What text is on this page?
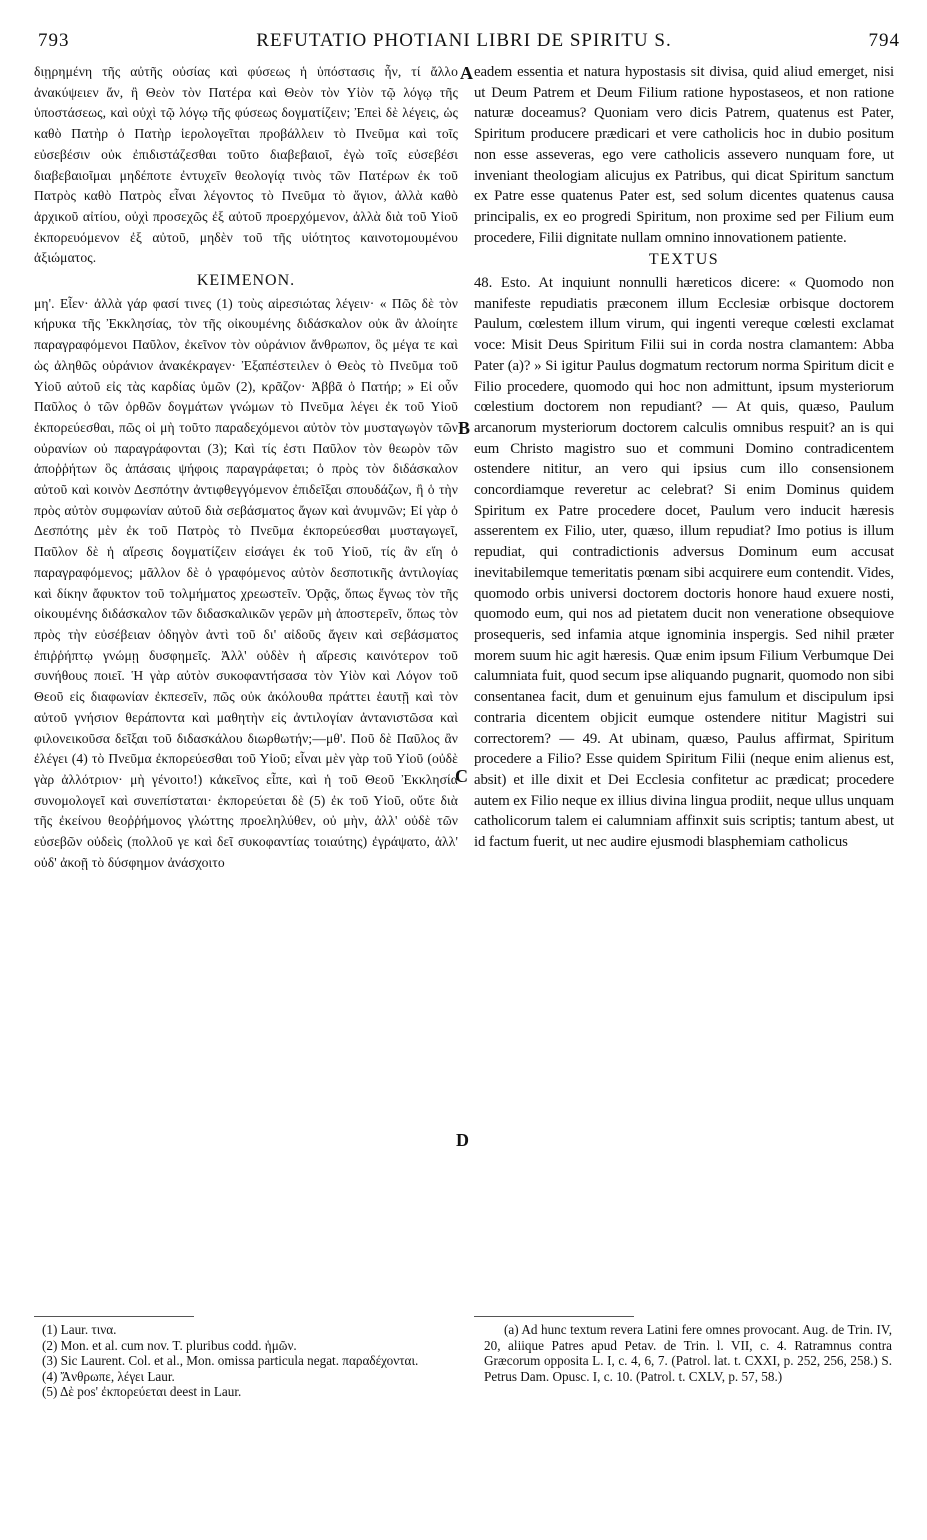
793	REFUTATIO PHOTIANI LIBRI DE SPIRITU S.	794
A
B
C
D

διῃρημένη τῆς αὐτῆς οὐσίας καὶ φύσεως ἡ ὑπόστασις ἦν, τί ἄλλο ἀνακύψειεν ἄν, ἢ Θεὸν τὸν Πατέρα καὶ Θεὸν τὸν Υἱὸν τῷ λόγῳ τῆς ὑποστάσεως, καὶ οὐχὶ τῷ λόγῳ τῆς φύσεως δογματίζειν; Ἐπεὶ δὲ λέγεις, ὡς καθὸ Πατὴρ ὁ Πατὴρ ἱερολογεῖται προβάλλειν τὸ Πνεῦμα καὶ τοῖς εὐσεβέσιν οὐκ ἐπιδιστάζεσθαι τοῦτο διαβεβαιοῖ, ἐγὼ τοῖς εὐσεβέσι διαβεβαιοῖμαι μηδέποτε ἐντυχεῖν θεολογίᾳ τινὸς τῶν Πατέρων ἐκ τοῦ Πατρὸς καθὸ Πατρὸς εἶναι λέγοντος τὸ Πνεῦμα τὸ ἅγιον, ἀλλὰ καθὸ ἀρχικοῦ αἰτίου, οὐχὶ προσεχῶς ἐξ αὐτοῦ προερχόμενον, ἀλλὰ διὰ τοῦ Υἱοῦ ἐκπορευόμενον ἐξ αὐτοῦ, μηδὲν τοῦ τῆς υἱότητος καινοτομουμένου ἀξιώματος.

ΚΕΙΜΕΝΟΝ.

μη'. Εἶεν· ἀλλὰ γάρ φασί τινες (1) τοὺς αἱρεσιώτας λέγειν· « Πῶς δὲ τὸν κήρυκα τῆς Ἐκκλησίας, τὸν τῆς οἰκουμένης διδάσκαλον οὐκ ἂν ἁλοίητε παραγραφόμενοι Παῦλον, ἐκεῖνον τὸν οὐράνιον ἄνθρωπον, ὃς μέγα τε καὶ ὡς ἀληθῶς οὐράνιον ἀνακέκραγεν· Ἐξαπέστειλεν ὁ Θεὸς τὸ Πνεῦμα τοῦ Υἱοῦ αὐτοῦ εἰς τὰς καρδίας ὑμῶν (2), κρᾶζον· Ἀββᾶ ὁ Πατήρ; » Εἰ οὖν Παῦλος ὁ τῶν ὀρθῶν δογμάτων γνώμων τὸ Πνεῦμα λέγει ἐκ τοῦ Υἱοῦ ἐκπορεύεσθαι, πῶς οἱ μὴ τοῦτο παραδεχόμενοι αὐτὸν τὸν μυσταγωγὸν τῶν οὐρανίων οὐ παραγράφονται (3); Καὶ τίς ἐστι Παῦλον τὸν θεωρὸν τῶν ἀποῤῥήτων ὃς ἁπάσαις ψήφοις παραγράφεται; ὁ πρὸς τὸν διδάσκαλον αὐτοῦ καὶ κοινὸν Δεσπότην ἀντιφθεγγόμενον ἐπιδεῖξαι σπουδάζων, ἢ ὁ τὴν πρὸς αὐτὸν συμφωνίαν αὐτοῦ διὰ σεβάσματος ἄγων καὶ ἀνυμνῶν; Εἰ γὰρ ὁ Δεσπότης μὲν ἐκ τοῦ Πατρὸς τὸ Πνεῦμα ἐκπορεύεσθαι μυσταγωγεῖ, Παῦλον δὲ ἡ αἵρεσις δογματίζειν εἰσάγει ἐκ τοῦ Υἱοῦ, τίς ἂν εἴη ὁ παραγραφόμενος; μᾶλλον δὲ ὁ γραφόμενος αὐτὸν δεσποτικῆς ἀντιλογίας καὶ δίκην ἄφυκτον τοῦ τολμήματος χρεωστεῖν. Ὁρᾷς, ὅπως ἔγνως τὸν τῆς οἰκουμένης διδάσκαλον τῶν διδασκαλικῶν γερῶν μὴ ἀποστερεῖν, ὅπως τὸν πρὸς τὴν εὐσέβειαν ὁδηγὸν ἀντὶ τοῦ δι' αἰδοῦς ἄγειν καὶ σεβάσματος ἐπιῤῥήπτῳ γνώμῃ δυσφημεῖς. Ἀλλ' οὐδὲν ἡ αἵρεσις καινότερον τοῦ συνήθους ποιεῖ. Ἡ γὰρ αὐτὸν συκοφαντήσασα τὸν Υἱὸν καὶ Λόγον τοῦ Θεοῦ εἰς διαφωνίαν ἐκπεσεῖν, πῶς οὐκ ἀκόλουθα πράττει ἑαυτῇ καὶ τὸν αὐτοῦ γνήσιον θεράποντα καὶ μαθητὴν εἰς ἀντιλογίαν ἀντανιστῶσα καὶ φιλονεικοῦσα δεῖξαι τοῦ διδασκάλου διωρθωτήν;—μθ'. Ποῦ δὲ Παῦλος ἂν ἐλέγει (4) τὸ Πνεῦμα ἐκπορεύεσθαι τοῦ Υἱοῦ; εἶναι μὲν γὰρ τοῦ Υἱοῦ (οὐδὲ γὰρ ἀλλότριον· μὴ γένοιτο!) κἀκεῖνος εἶπε, καὶ ἡ τοῦ Θεοῦ Ἐκκλησία συνομολογεῖ καὶ συνεπίσταται· ἐκπορεύεται δὲ (5) ἐκ τοῦ Υἱοῦ, οὔτε διὰ τῆς ἐκείνου θεοῤῥήμονος γλώττης προεληλύθεν, οὐ μὴν, ἀλλ' οὐδὲ τῶν εὐσεβῶν οὐδεὶς (πολλοῦ γε καὶ δεῖ συκοφαντίας τοιαύτης) ἐγράψατο, ἀλλ' οὐδ' ἀκοῇ τὸ δύσφημον ἀνάσχοιτο

eadem essentia et natura hypostasis sit divisa, quid aliud emerget, nisi ut Deum Patrem et Deum Filium ratione hypostaseos, et non ratione naturæ doceamus? Quoniam vero dicis Patrem, quatenus est Pater, Spiritum producere prædicari et vere catholicis hoc in dubio positum non esse asseveras, ego vere catholicis assevero nunquam fore, ut inveniant theologiam alicujus ex Patribus, qui dicat Spiritum sanctum ex Patre esse quatenus Pater est, sed solum dicentes quatenus causa principalis, ex eo progredi Spiritum, non proxime sed per Filium eum procedere, Filii dignitate nullam omnino innovationem patiente.

TEXTUS

48. Esto. At inquiunt nonnulli hæreticos dicere: « Quomodo non manifeste repudiatis præconem illum Ecclesiæ orbisque doctorem Paulum, cœlestem illum virum, qui ingenti vereque cœlesti exclamat voce: Misit Deus Spiritum Filii sui in corda nostra clamantem: Abba Pater (a)? » Si igitur Paulus dogmatum rectorum norma Spiritum dicit e Filio procedere, quomodo qui hoc non admittunt, ipsum mysteriorum cœlestium doctorem non repudiant? — At quis, quæso, Paulum arcanorum mysteriorum doctorem calculis omnibus respuit? an is qui eum Christo magistro suo et communi Domino contradicentem ostendere nititur, an vero qui ipsius cum illo consensionem concordiamque reveretur ac celebrat? Si enim Dominus quidem Spiritum ex Patre procedere docet, Paulum vero inducit hæresis asserentem ex Filio, uter, quæso, illum repudiat? Imo potius is illum repudiat, qui contradictionis adversus Dominum eum accusat inevitabilemque temeritatis pœnam sibi acquirere eum contendit. Vides, quomodo orbis universi doctorem doctoris honore haud exuere nosti, quomodo eum, qui nos ad pietatem ducit non veneratione obsequiove prosequeris, sed infamia atque ignominia inspergis. Sed nihil præter morem suum hic agit hæresis. Quæ enim ipsum Filium Verbumque Dei calumniata fuit, quod secum ipse aliquando pugnarit, quomodo non sibi consentanea facit, dum et genuinum ejus famulum et discipulum ipsi contraria dicentem objicit eumque ostendere nititur Magistri sui correctorem? — 49. At ubinam, quæso, Paulus affirmat, Spiritum procedere a Filio? Esse quidem Spiritum Filii (neque enim alienus est, absit) et ille dixit et Dei Ecclesia confitetur ac prædicat; procedere autem ex Filio neque ex illius divina lingua prodiit, neque ullus unquam catholicorum talem ei calumniam affinxit suis scriptis; tantum abest, ut id factum fuerit, ut nec audire ejusmodi blasphemiam catholicus

(1) Laur. τινα.

(2) Mon. et al. cum nov. T. pluribus codd. ἡμῶν.

(3) Sic Laurent. Col. et al., Mon. omissa particula negat. παραδέχονται.

(4) Ἄνθρωπε, λέγει Laur.

(5) Δὲ pos' ἐκπορεύεται deest in Laur.

(a) Ad hunc textum revera Latini fere omnes provocant. Aug. de Trin. IV, 20, aliique Patres apud Petav. de Trin. l. VII, c. 4. Ratramnus contra Græcorum opposita L. I, c. 4, 6, 7. (Patrol. lat. t. CXXI, p. 252, 256, 258.) S. Petrus Dam. Opusc. I, c. 10. (Patrol. t. CXLV, p. 57, 58.)
